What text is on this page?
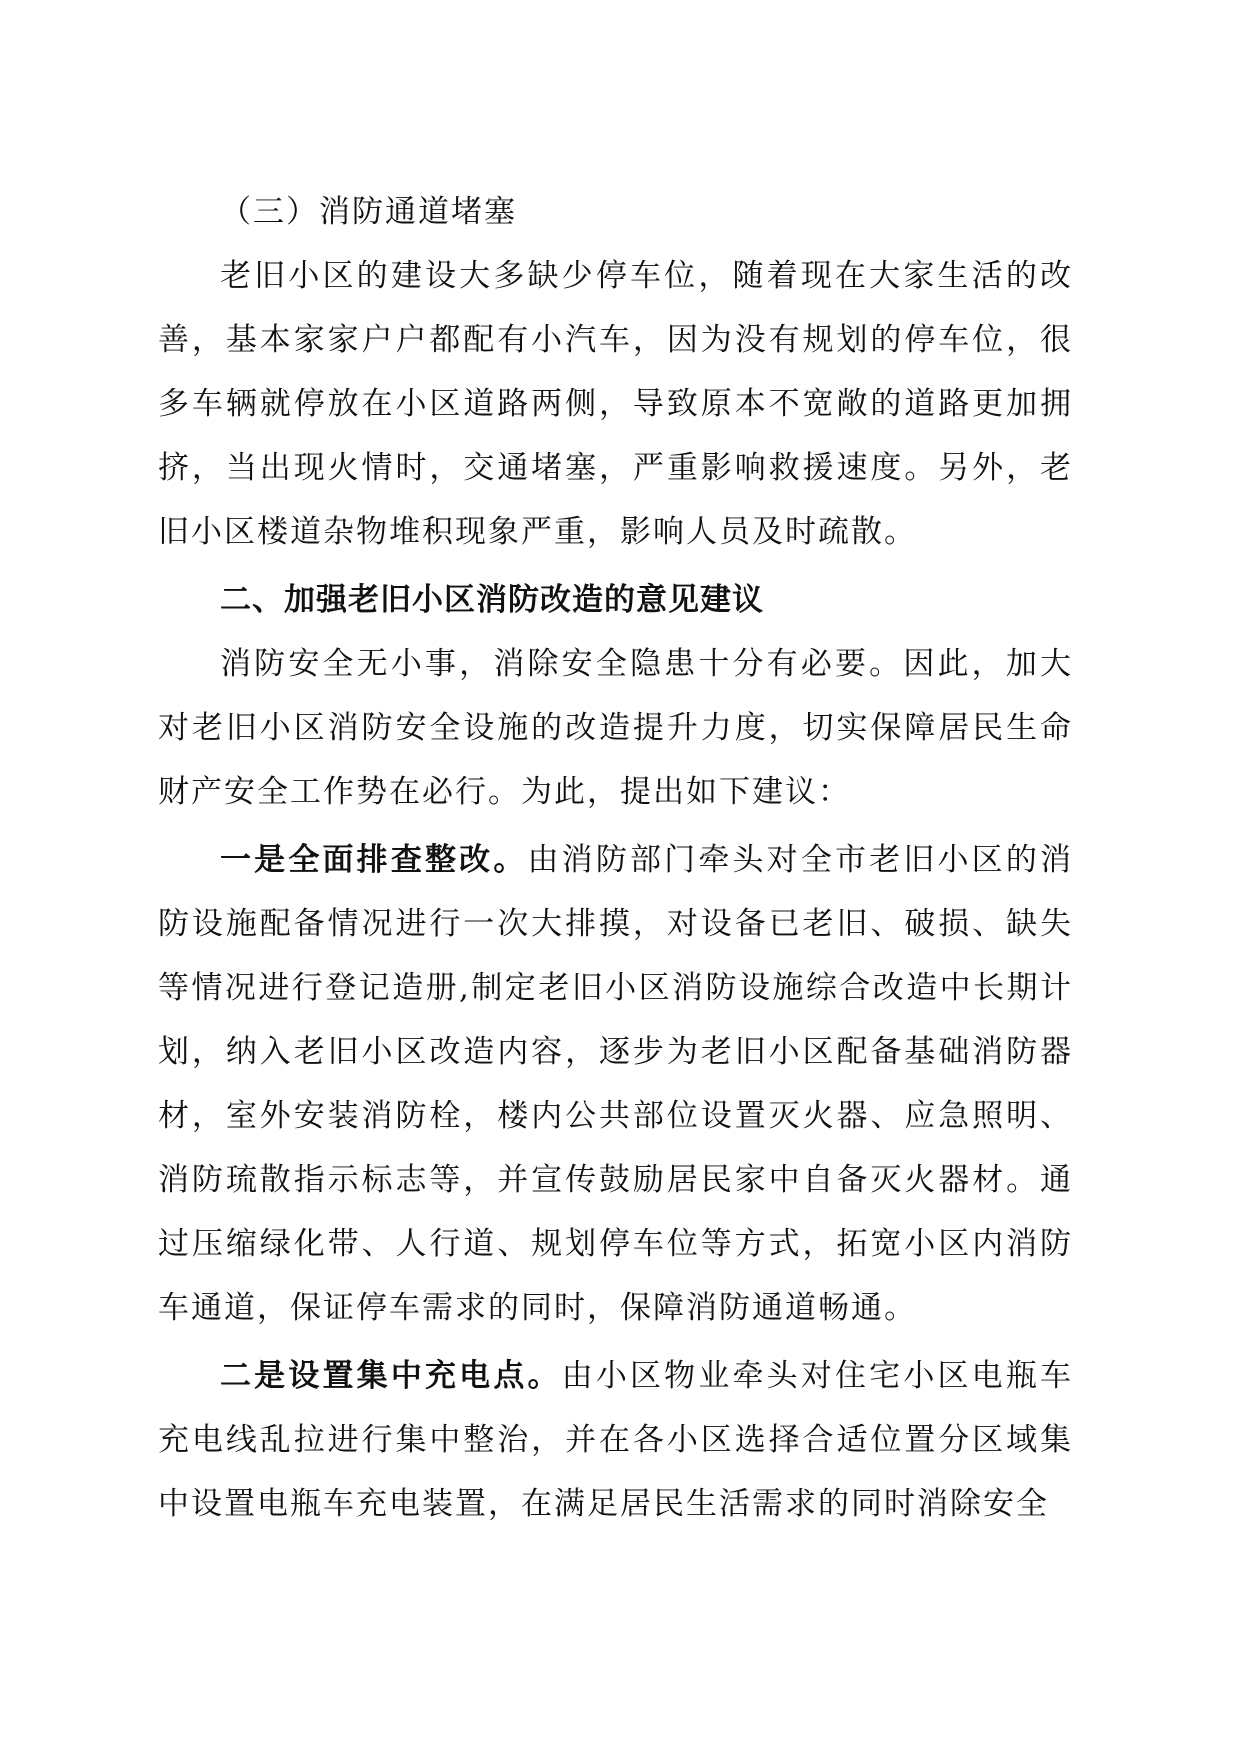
（三）消防通道堵塞

老旧小区的建设大多缺少停车位，随着现在大家生活的改善，基本家家户户都配有小汽车，因为没有规划的停车位，很多车辆就停放在小区道路两侧，导致原本不宽敞的道路更加拥挤，当出现火情时，交通堵塞，严重影响救援速度。另外，老旧小区楼道杂物堆积现象严重，影响人员及时疏散。

二、加强老旧小区消防改造的意见建议

消防安全无小事，消除安全隐患十分有必要。因此，加大对老旧小区消防安全设施的改造提升力度，切实保障居民生命财产安全工作势在必行。为此，提出如下建议：

一是全面排查整改。由消防部门牵头对全市老旧小区的消防设施配备情况进行一次大排摸，对设备已老旧、破损、缺失等情况进行登记造册,制定老旧小区消防设施综合改造中长期计划，纳入老旧小区改造内容，逐步为老旧小区配备基础消防器材，室外安装消防栓，楼内公共部位设置灭火器、应急照明、消防琉散指示标志等，并宣传鼓励居民家中自备灭火器材。通过压缩绿化带、人行道、规划停车位等方式，拓宽小区内消防车通道，保证停车需求的同时，保障消防通道畅通。

二是设置集中充电点。由小区物业牵头对住宅小区电瓶车充电线乱拉进行集中整治，并在各小区选择合适位置分区域集中设置电瓶车充电装置，在满足居民生活需求的同时消除安全
